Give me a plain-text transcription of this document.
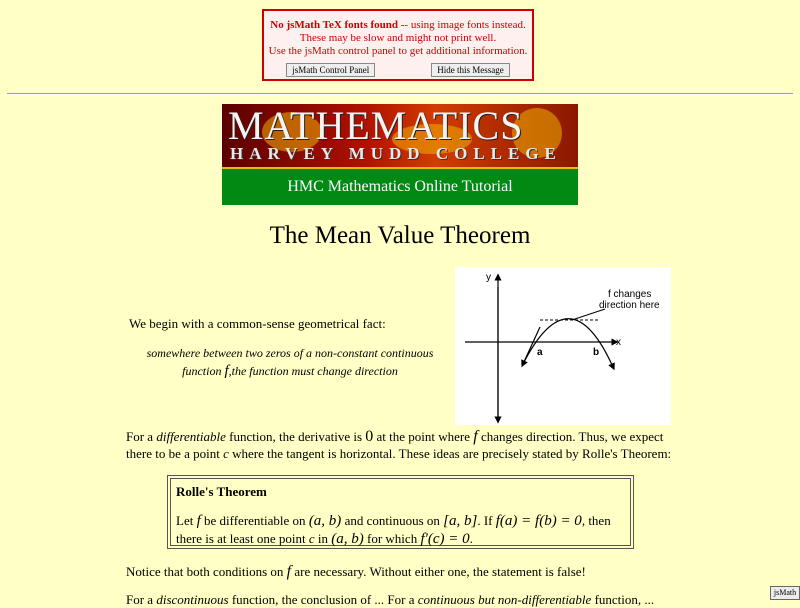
No jsMath TeX fonts found -- using image fonts instead.
These may be slow and might not print well.
Use the jsMath control panel to get additional information.
jsMath Control Panel	Hide this Message
MATHEMATICS
HARVEY MUDD COLLEGE
HMC Mathematics Online Tutorial
The Mean Value Theorem
y
x
f changes
direction here
a	b
We begin with a common-sense geometrical fact:
somewhere between two zeros of a non-constant continuous
function f,the function must change direction
For a differentiable function, the derivative is 0 at the point where f changes direction. Thus, we expect there to be a point c where the tangent is horizontal. These ideas are precisely stated by Rolle's Theorem:
Rolle's Theorem
Let f be differentiable on (a, b) and continuous on [a, b]. If f(a) = f(b) = 0, then there is at least one point c in (a, b) for which f′(c) = 0.
Notice that both conditions on f are necessary. Without either one, the statement is false!
For a discontinuous function, the conclusion of ... For a continuous but non-differentiable function, ...	jsMath
